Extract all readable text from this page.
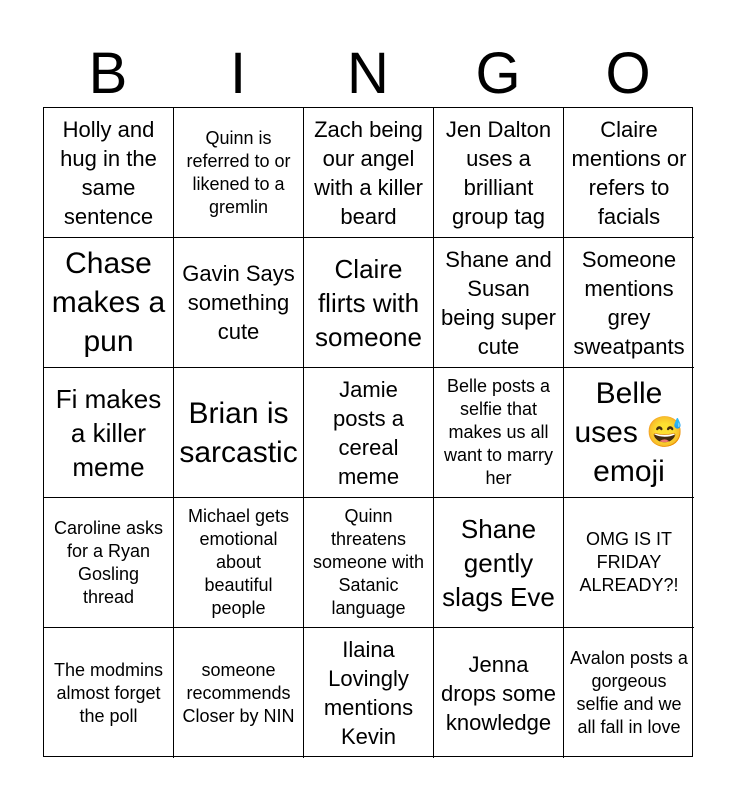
B	I	N	G	O
Holly and hug in the same sentence
Quinn is referred to or likened to a gremlin
Zach being our angel with a killer beard
Jen Dalton uses a brilliant group tag
Claire mentions or refers to facials
Chase makes a pun
Gavin Says something cute
Claire flirts with someone
Shane and Susan being super cute
Someone mentions grey sweatpants
Fi makes a killer meme
Brian is sarcastic
Jamie posts a cereal meme
Belle posts a selfie that makes us all want to marry her
Belle uses 😅 emoji
Caroline asks for a Ryan Gosling thread
Michael gets emotional about beautiful people
Quinn threatens someone with Satanic language
Shane gently slags Eve
OMG IS IT FRIDAY ALREADY?!
The modmins almost forget the poll
someone recommends Closer by NIN
Ilaina Lovingly mentions Kevin
Jenna drops some knowledge
Avalon posts a gorgeous selfie and we all fall in love
